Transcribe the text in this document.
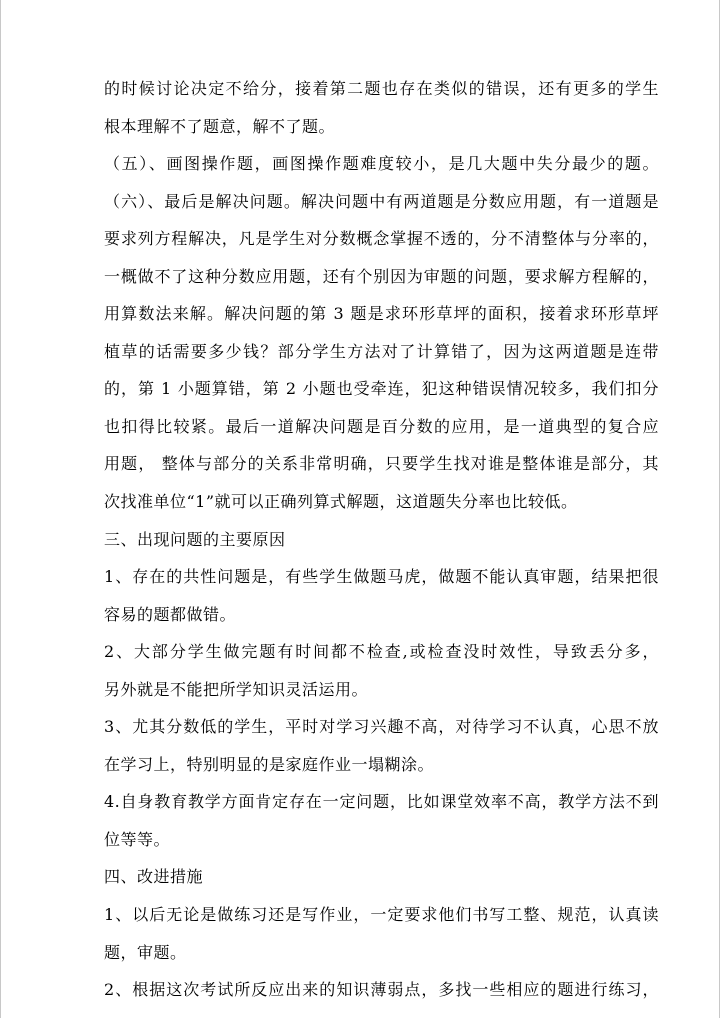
的时候讨论决定不给分，接着第二题也存在类似的错误，还有更多的学生
根本理解不了题意，解不了题。
（五）、画图操作题，画图操作题难度较小，是几大题中失分最少的题。
（六）、最后是解决问题。解决问题中有两道题是分数应用题，有一道题是
要求列方程解决，凡是学生对分数概念掌握不透的，分不清整体与分率的，
一概做不了这种分数应用题，还有个别因为审题的问题，要求解方程解的，
用算数法来解。解决问题的第 3 题是求环形草坪的面积，接着求环形草坪
植草的话需要多少钱？部分学生方法对了计算错了，因为这两道题是连带
的，第 1 小题算错，第 2 小题也受牵连，犯这种错误情况较多，我们扣分
也扣得比较紧。最后一道解决问题是百分数的应用，是一道典型的复合应
用题， 整体与部分的关系非常明确，只要学生找对谁是整体谁是部分，其
次找准单位“1”就可以正确列算式解题，这道题失分率也比较低。
三、出现问题的主要原因
1、存在的共性问题是，有些学生做题马虎，做题不能认真审题，结果把很
容易的题都做错。
2、大部分学生做完题有时间都不检查,或检查没时效性，导致丢分多，
另外就是不能把所学知识灵活运用。
3、尤其分数低的学生，平时对学习兴趣不高，对待学习不认真，心思不放
在学习上，特别明显的是家庭作业一塌糊涂。
4.自身教育教学方面肯定存在一定问题，比如课堂效率不高，教学方法不到
位等等。
四、改进措施
1、以后无论是做练习还是写作业，一定要求他们书写工整、规范，认真读
题，审题。
2、根据这次考试所反应出来的知识薄弱点，多找一些相应的题进行练习，
